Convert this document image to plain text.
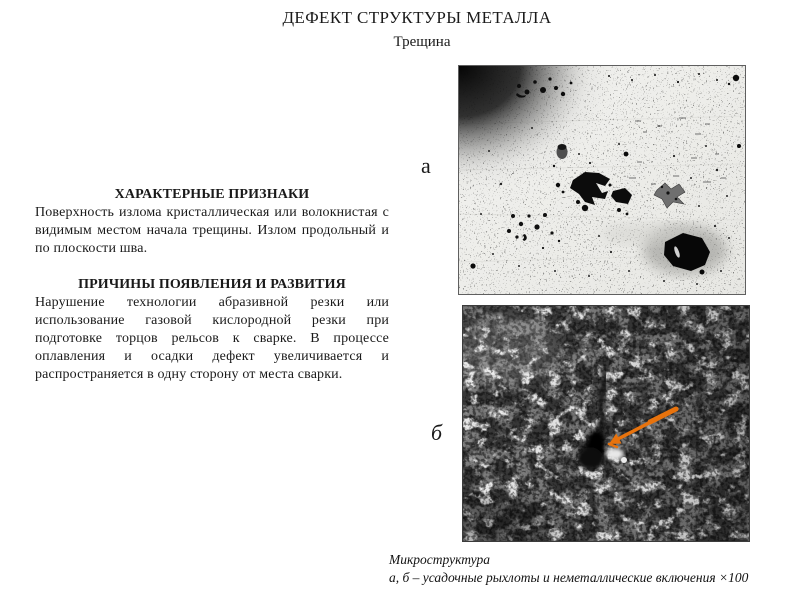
ДЕФЕКТ СТРУКТУРЫ МЕТАЛЛА
Трещина
ХАРАКТЕРНЫЕ ПРИЗНАКИ

Поверхность излома кристаллическая или волокнистая с видимым местом начала трещины. Излом продольный и по плоскости шва.

ПРИЧИНЫ ПОЯВЛЕНИЯ И РАЗВИТИЯ

Нарушение технологии абразивной резки или использование газовой кислородной резки при подготовке торцов рельсов к сварке. В процессе оплавления и осадки дефект увеличивается и распространяется в одну сторону от места сварки.

а
б
Микроструктура
а, б – усадочные рыхлоты и неметаллические включения ×100
